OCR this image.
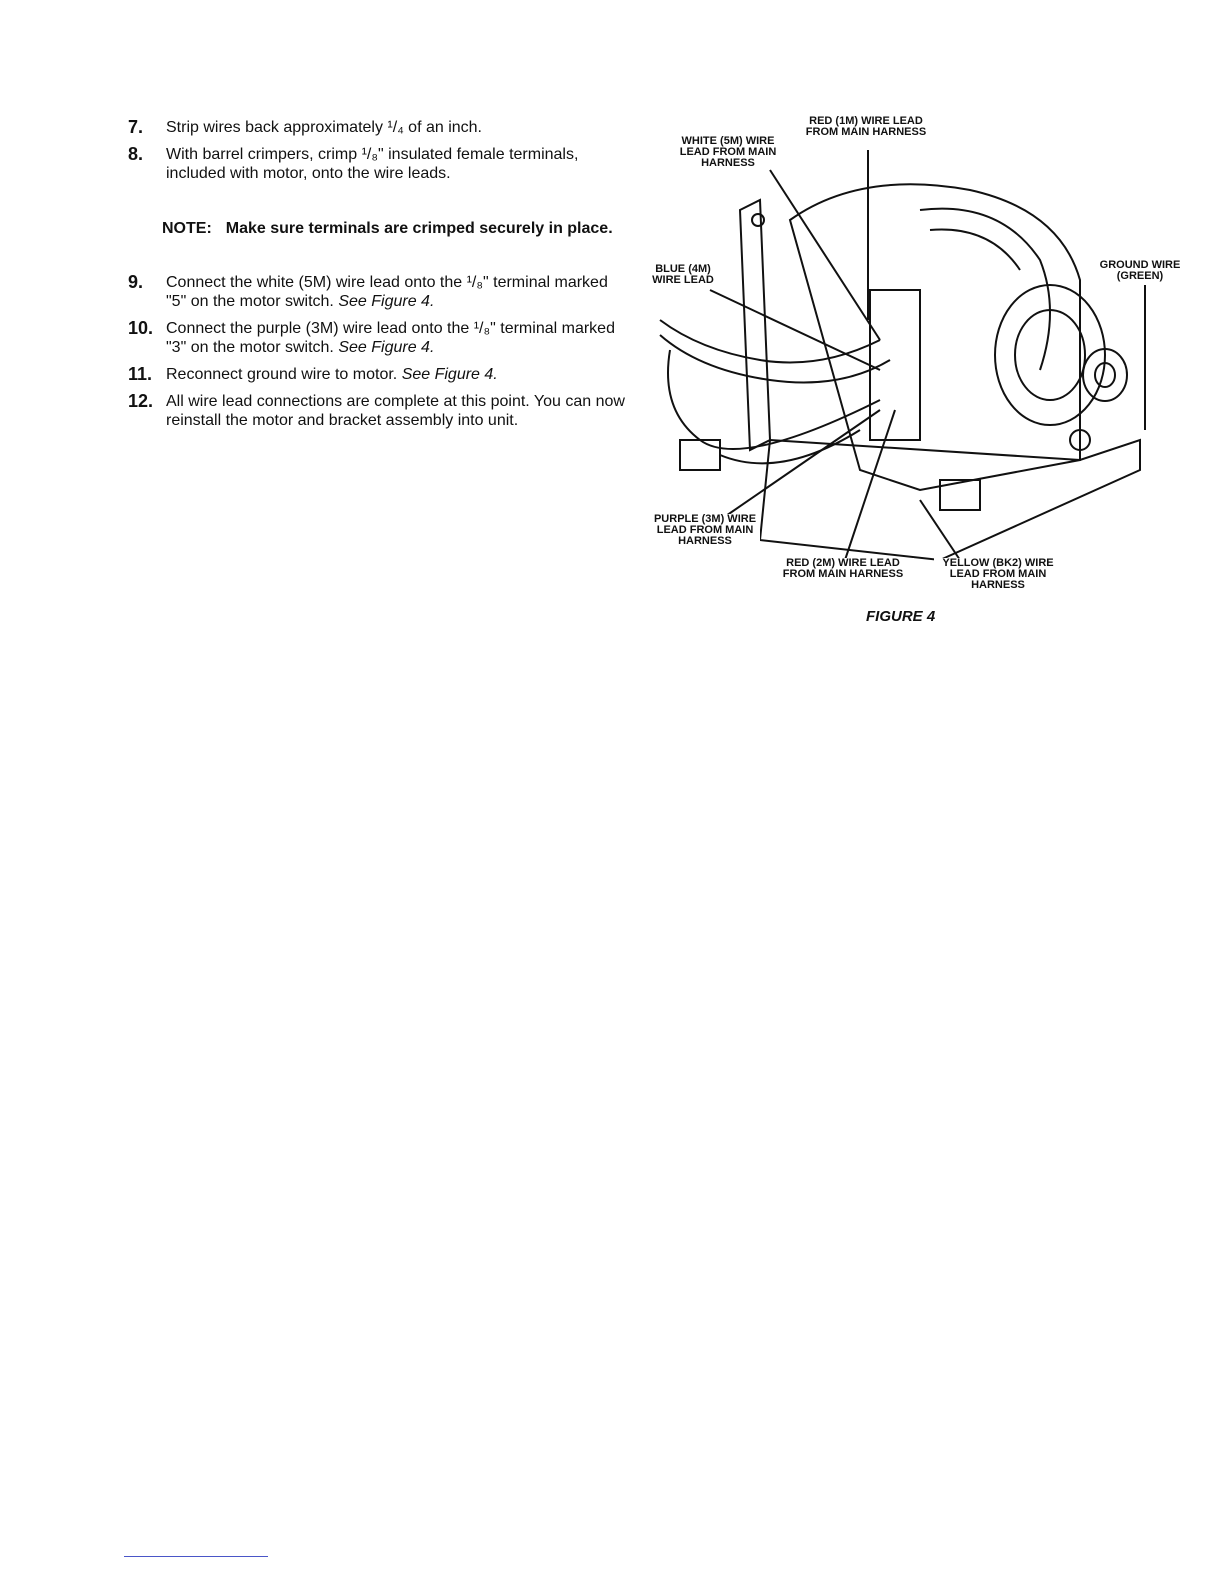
7.	Strip wires back approximately ¹/₄ of an inch.
8.	With barrel crimpers, crimp ¹/₈" insulated female terminals, included with motor, onto the wire leads.
NOTE: Make sure terminals are crimped securely in place.
9.	Connect the white (5M) wire lead onto the ¹/₈" terminal marked "5" on the motor switch. See Figure 4.
10. Connect the purple (3M) wire lead onto the ¹/₈" terminal marked "3" on the motor switch. See Figure 4.
11. Reconnect ground wire to motor. See Figure 4.
12. All wire lead connections are complete at this point. You can now reinstall the motor and bracket assembly into unit.
RED (1M) WIRE LEAD FROM MAIN HARNESS
WHITE (5M) WIRE LEAD FROM MAIN HARNESS
BLUE (4M) WIRE LEAD
GROUND WIRE (GREEN)
PURPLE (3M) WIRE LEAD FROM MAIN HARNESS
RED (2M) WIRE LEAD FROM MAIN HARNESS
YELLOW (BK2) WIRE LEAD FROM MAIN HARNESS
FIGURE 4
